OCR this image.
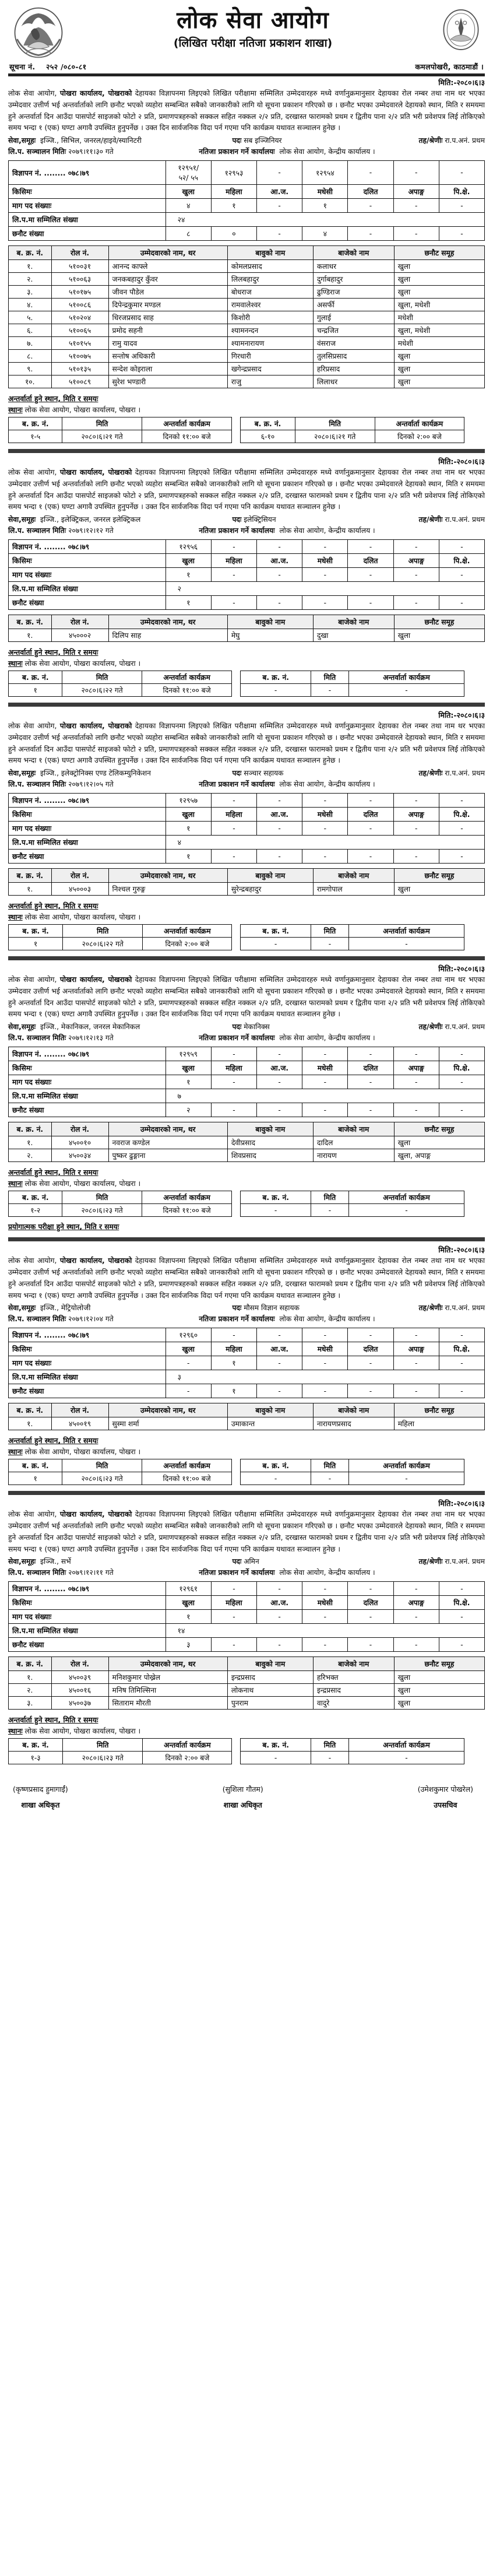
लोक सेवा आयोग
(लिखित परीक्षा नतिजा प्रकाशन शाखा)
सूचना नं. २५२ /०८०-८१	कमलपोखरी, काठमाडौं ।
मिति:-२०८०।६।३
लोक सेवा आयोग, पोखरा कार्यालय, पोखराको देहायका विज्ञापनमा लिइएको लिखित परीक्षामा सम्मिलित उम्मेदवारहरु मध्ये वर्णानुक्रमानुसार देहायका रोल नम्बर तथा नाम थर भएका उम्मेदवार उत्तीर्ण भई अन्तर्वार्ताको लागि छनौट भएको व्यहोरा सम्बन्धित सबैको जानकारीको लागि यो सूचना प्रकाशन गरिएको छ । छनौट भएका उम्मेदवारले देहायको स्थान, मिति र समयमा हुने अन्तर्वार्ता दिन आउँदा पासपोर्ट साइजको फोटो २ प्रति, प्रमाणपत्रहरुको सक्कल सहित नक्कल २/२ प्रति, दरखास्त फारामको प्रथम र द्वितीय पाना २/२ प्रति भरी प्रवेशपत्र लिई तोकिएको समय भन्दा १ (एक) घण्टा अगावै उपस्थित हुनुपर्नेछ । उक्त दिन सार्वजनिक विदा पर्न गएमा पनि कार्यक्रम यथावत सञ्चालन हुनेछ ।
सेवा,समूहः इञ्जि., सिभिल, जनरल/हाइवे/स्यानिटरी	पदः सब इञ्जिनियर	तह/श्रेणीः रा.प.अनं. प्रथम
लि.प. सञ्चालन मितिः २०७९।११।३० गते	नतिजा प्रकाशन गर्ने कार्यालयः लोक सेवा आयोग, केन्द्रीय कार्यालय ।
विज्ञापन नं. ........ ०७८।७९	१२९५१/
५२/ ५५	१२९५३	-	१२९५४	-	-	-
किसिमः	खुला	महिला	आ.ज.	मधेसी	दलित	अपाङ्ग	पि.क्षे.
माग पद संख्याः	४	१	-	१	-	-	-
लि.प.मा सम्मिलित संख्या	२४						
छनौट संख्या	८	०	-	४	-	-	-
ब. क्र. नं.	रोल नं.	उम्मेदवारको नाम, थर	बावुको नाम	बाजेको नाम	छनौट समूह
१.	५१००३१	आनन्द काफ्ले	कोमलप्रसाद	कलाधर	खुला
२.	५१००६३	जनकबहादुर कुँवर	लिलबहादुर	दुर्गाबहादुर	खुला
३.	५१०१७५	जीवन पौडेल	बोधराज	ढुण्डिराज	खुला
४.	५१००८६	दिपेन्द्रकुमार मण्डल	रामवालेश्वर	असर्फी	खुला, मधेशी
५.	५१०२०४	धिरजप्रसाद साह	किशोरी	गुलाई	मधेशी
६.	५१००६५	प्रमोद सहनी	श्यामनन्दन	चन्द्रजित	खुला, मधेशी
७.	५१०१५५	रामु यादव	श्यामनारायण	वंसराज	मधेशी
८.	५१००७५	सन्तोष अधिकारी	गिरधारी	तुलसिप्रसाद	खुला
९.	५१०१३५	सन्देश कोइराला	खगेन्द्रप्रसाद	हरिप्रसाद	खुला
१०.	५१००८९	सुरेश भण्डारी	राजु	लिलाधर	खुला
अन्तर्वार्ता हुने स्थान, मिति र समयः
स्थानः लोक सेवा आयोग, पोखरा कार्यालय, पोखरा ।
ब. क्र. नं.	मिति	अन्तर्वार्ता कार्यक्रम
१-५	२०८०।६।२१ गते	दिनको ११:०० बजे
ब. क्र. नं.	मिति	अन्तर्वार्ता कार्यक्रम
६-१०	२०८०।६।२१ गते	दिनको २:०० बजे
मिति:-२०८०।६।३
लोक सेवा आयोग, पोखरा कार्यालय, पोखराको देहायका विज्ञापनमा लिइएको लिखित परीक्षामा सम्मिलित उम्मेदवारहरु मध्ये वर्णानुक्रमानुसार देहायका रोल नम्बर तथा नाम थर भएका उम्मेदवार उत्तीर्ण भई अन्तर्वार्ताको लागि छनौट भएको व्यहोरा सम्बन्धित सबैको जानकारीको लागि यो सूचना प्रकाशन गरिएको छ । छनौट भएका उम्मेदवारले देहायको स्थान, मिति र समयमा हुने अन्तर्वार्ता दिन आउँदा पासपोर्ट साइजको फोटो २ प्रति, प्रमाणपत्रहरुको सक्कल सहित नक्कल २/२ प्रति, दरखास्त फारामको प्रथम र द्वितीय पाना २/२ प्रति भरी प्रवेशपत्र लिई तोकिएको समय भन्दा १ (एक) घण्टा अगावै उपस्थित हुनुपर्नेछ । उक्त दिन सार्वजनिक विदा पर्न गएमा पनि कार्यक्रम यथावत सञ्चालन हुनेछ ।
सेवा,समूहः इञ्जि., इलेक्ट्रिकल, जनरल इलेक्ट्रिकल	पदः इलेक्ट्रिसियन	तह/श्रेणीः रा.प.अनं. प्रथम
लि.प. सञ्चालन मितिः २०७९।१२।१२ गते	नतिजा प्रकाशन गर्ने कार्यालयः लोक सेवा आयोग, केन्द्रीय कार्यालय ।
विज्ञापन नं. ........ ०७८।७९	१२९५६	-	-	-	-	-	-
किसिमः	खुला	महिला	आ.ज.	मधेसी	दलित	अपाङ्ग	पि.क्षे.
माग पद संख्याः	१	-	-	-	-	-	-
लि.प.मा सम्मिलित संख्या	२						
छनौट संख्या	१	-	-	-	-	-	-
ब. क्र. नं.	रोल नं.	उम्मेदवारको नाम, थर	बावुको नाम	बाजेको नाम	छनौट समूह
१.	४५०००२	दिलिप साह	मेघु	दुखा	खुला
अन्तर्वार्ता हुने स्थान, मिति र समयः
स्थानः लोक सेवा आयोग, पोखरा कार्यालय, पोखरा ।
ब. क्र. नं.	मिति	अन्तर्वार्ता कार्यक्रम
१	२०८०।६।२२ गते	दिनको ११:०० बजे
ब. क्र. नं.	मिति	अन्तर्वार्ता कार्यक्रम
-	-	-
मिति:-२०८०।६।३
लोक सेवा आयोग, पोखरा कार्यालय, पोखराको देहायका विज्ञापनमा लिइएको लिखित परीक्षामा सम्मिलित उम्मेदवारहरु मध्ये वर्णानुक्रमानुसार देहायका रोल नम्बर तथा नाम थर भएका उम्मेदवार उत्तीर्ण भई अन्तर्वार्ताको लागि छनौट भएको व्यहोरा सम्बन्धित सबैको जानकारीको लागि यो सूचना प्रकाशन गरिएको छ । छनौट भएका उम्मेदवारले देहायको स्थान, मिति र समयमा हुने अन्तर्वार्ता दिन आउँदा पासपोर्ट साइजको फोटो २ प्रति, प्रमाणपत्रहरुको सक्कल सहित नक्कल २/२ प्रति, दरखास्त फारामको प्रथम र द्वितीय पाना २/२ प्रति भरी प्रवेशपत्र लिई तोकिएको समय भन्दा १ (एक) घण्टा अगावै उपस्थित हुनुपर्नेछ । उक्त दिन सार्वजनिक विदा पर्न गएमा पनि कार्यक्रम यथावत सञ्चालन हुनेछ ।
सेवा,समूहः इञ्जि., इलेक्ट्रोनिक्स एण्ड टेलिकम्युनिकेशन	पदः सञ्चार सहायक	तह/श्रेणीः रा.प.अनं. प्रथम
लि.प. सञ्चालन मितिः २०७९।१२।०५ गते	नतिजा प्रकाशन गर्ने कार्यालयः लोक सेवा आयोग, केन्द्रीय कार्यालय ।
विज्ञापन नं. ........ ०७८।७९	१२९५७	-	-	-	-	-	-
किसिमः	खुला	महिला	आ.ज.	मधेसी	दलित	अपाङ्ग	पि.क्षे.
माग पद संख्याः	१	-	-	-	-	-	-
लि.प.मा सम्मिलित संख्या	४						
छनौट संख्या	१	-	-	-	-	-	-
ब. क्र. नं.	रोल नं.	उम्मेदवारको नाम, थर	बावुको नाम	बाजेको नाम	छनौट समूह
१.	४५०००३	निश्चल गुरुङ्ग	सुरेन्द्रबहादुर	रामगोपाल	खुला
अन्तर्वार्ता हुने स्थान, मिति र समयः
स्थानः लोक सेवा आयोग, पोखरा कार्यालय, पोखरा ।
ब. क्र. नं.	मिति	अन्तर्वार्ता कार्यक्रम
१	२०८०।६।२२ गते	दिनको २:०० बजे
ब. क्र. नं.	मिति	अन्तर्वार्ता कार्यक्रम
-	-	-
मिति:-२०८०।६।३
लोक सेवा आयोग, पोखरा कार्यालय, पोखराको देहायका विज्ञापनमा लिइएको लिखित परीक्षामा सम्मिलित उम्मेदवारहरु मध्ये वर्णानुक्रमानुसार देहायका रोल नम्बर तथा नाम थर भएका उम्मेदवार उत्तीर्ण भई अन्तर्वार्ताको लागि छनौट भएको व्यहोरा सम्बन्धित सबैको जानकारीको लागि यो सूचना प्रकाशन गरिएको छ । छनौट भएका उम्मेदवारले देहायको स्थान, मिति र समयमा हुने अन्तर्वार्ता दिन आउँदा पासपोर्ट साइजको फोटो २ प्रति, प्रमाणपत्रहरुको सक्कल सहित नक्कल २/२ प्रति, दरखास्त फारामको प्रथम र द्वितीय पाना २/२ प्रति भरी प्रवेशपत्र लिई तोकिएको समय भन्दा १ (एक) घण्टा अगावै उपस्थित हुनुपर्नेछ । उक्त दिन सार्वजनिक विदा पर्न गएमा पनि कार्यक्रम यथावत सञ्चालन हुनेछ ।
सेवा,समूहः इञ्जि., मेकानिकल, जनरल मेकानिकल	पदः मेकानिक्स	तह/श्रेणीः रा.प.अनं. प्रथम
लि.प. सञ्चालन मितिः २०७९।१२।१३ गते	नतिजा प्रकाशन गर्ने कार्यालयः लोक सेवा आयोग, केन्द्रीय कार्यालय ।
विज्ञापन नं. ........ ०७८।७९	१२९५९	-	-	-	-	-	-
किसिमः	खुला	महिला	आ.ज.	मधेसी	दलित	अपाङ्ग	पि.क्षे.
माग पद संख्याः	१	-	-	-	-	-	-
लि.प.मा सम्मिलित संख्या	७						
छनौट संख्या	२	-	-	-	-	-	-
ब. क्र. नं.	रोल नं.	उम्मेदवारको नाम, थर	बावुको नाम	बाजेको नाम	छनौट समूह
१.	४५००१०	नवराज कण्डेल	देवीप्रसाद	दादिल	खुला
२.	४५००३४	पुष्कर ढुङ्गाना	शिवप्रसाद	नारायण	खुला, अपाङ्ग
अन्तर्वार्ता हुने स्थान, मिति र समयः
स्थानः लोक सेवा आयोग, पोखरा कार्यालय, पोखरा ।
ब. क्र. नं.	मिति	अन्तर्वार्ता कार्यक्रम
१-२	२०८०।६।२३ गते	दिनको ११:०० बजे
ब. क्र. नं.	मिति	अन्तर्वार्ता कार्यक्रम
-	-	-
प्रयोगात्मक परीक्षा हुने स्थान, मिति र समयः
मिति:-२०८०।६।३
लोक सेवा आयोग, पोखरा कार्यालय, पोखराको देहायका विज्ञापनमा लिइएको लिखित परीक्षामा सम्मिलित उम्मेदवारहरु मध्ये वर्णानुक्रमानुसार देहायका रोल नम्बर तथा नाम थर भएका उम्मेदवार उत्तीर्ण भई अन्तर्वार्ताको लागि छनौट भएको व्यहोरा सम्बन्धित सबैको जानकारीको लागि यो सूचना प्रकाशन गरिएको छ । छनौट भएका उम्मेदवारले देहायको स्थान, मिति र समयमा हुने अन्तर्वार्ता दिन आउँदा पासपोर्ट साइजको फोटो २ प्रति, प्रमाणपत्रहरुको सक्कल सहित नक्कल २/२ प्रति, दरखास्त फारामको प्रथम र द्वितीय पाना २/२ प्रति भरी प्रवेशपत्र लिई तोकिएको समय भन्दा १ (एक) घण्टा अगावै उपस्थित हुनुपर्नेछ । उक्त दिन सार्वजनिक विदा पर्न गएमा पनि कार्यक्रम यथावत सञ्चालन हुनेछ ।
सेवा,समूहः इञ्जि., मेट्रियोलोजी	पदः मौसम विज्ञान सहायक	तह/श्रेणीः रा.प.अनं. प्रथम
लि.प. सञ्चालन मितिः २०७९।१२।०४ गते	नतिजा प्रकाशन गर्ने कार्यालयः लोक सेवा आयोग, केन्द्रीय कार्यालय ।
विज्ञापन नं. ........ ०७८।७९	१२९६०	-	-	-	-	-	-
किसिमः	खुला	महिला	आ.ज.	मधेसी	दलित	अपाङ्ग	पि.क्षे.
माग पद संख्याः	-	१	-	-	-	-	-
लि.प.मा सम्मिलित संख्या	३						
छनौट संख्या	-	१	-	-	-	-	-
ब. क्र. नं.	रोल नं.	उम्मेदवारको नाम, थर	बावुको नाम	बाजेको नाम	छनौट समूह
१.	४५००१९	सुस्मा शर्मा	उमाकान्त	नारायणप्रसाद	महिला
अन्तर्वार्ता हुने स्थान, मिति र समयः
स्थानः लोक सेवा आयोग, पोखरा कार्यालय, पोखरा ।
ब. क्र. नं.	मिति	अन्तर्वार्ता कार्यक्रम
१	२०८०।६।२३ गते	दिनको ११:०० बजे
ब. क्र. नं.	मिति	अन्तर्वार्ता कार्यक्रम
-	-	-
मिति:-२०८०।६।३
लोक सेवा आयोग, पोखरा कार्यालय, पोखराको देहायका विज्ञापनमा लिइएको लिखित परीक्षामा सम्मिलित उम्मेदवारहरु मध्ये वर्णानुक्रमानुसार देहायका रोल नम्बर तथा नाम थर भएका उम्मेदवार उत्तीर्ण भई अन्तर्वार्ताको लागि छनौट भएको व्यहोरा सम्बन्धित सबैको जानकारीको लागि यो सूचना प्रकाशन गरिएको छ । छनौट भएका उम्मेदवारले देहायको स्थान, मिति र समयमा हुने अन्तर्वार्ता दिन आउँदा पासपोर्ट साइजको फोटो २ प्रति, प्रमाणपत्रहरुको सक्कल सहित नक्कल २/२ प्रति, दरखास्त फारामको प्रथम र द्वितीय पाना २/२ प्रति भरी प्रवेशपत्र लिई तोकिएको समय भन्दा १ (एक) घण्टा अगावै उपस्थित हुनुपर्नेछ । उक्त दिन सार्वजनिक विदा पर्न गएमा पनि कार्यक्रम यथावत सञ्चालन हुनेछ ।
सेवा,समूहः इञ्जि., सर्भे	पदः अमिन	तह/श्रेणीः रा.प.अनं. प्रथम
लि.प. सञ्चालन मितिः २०७९।१२।११ गते	नतिजा प्रकाशन गर्ने कार्यालयः लोक सेवा आयोग, केन्द्रीय कार्यालय ।
विज्ञापन नं. ........ ०७८।७९	१२९६१	-	-	-	-	-	-
किसिमः	खुला	महिला	आ.ज.	मधेसी	दलित	अपाङ्ग	पि.क्षे.
माग पद संख्याः	१	-	-	-	-	-	-
लि.प.मा सम्मिलित संख्या	१४						
छनौट संख्या	३	-	-	-	-	-	-
ब. क्र. नं.	रोल नं.	उम्मेदवारको नाम, थर	बावुको नाम	बाजेको नाम	छनौट समूह
१.	४५००३९	मनिशकुमार पोख्रेल	इन्द्रप्रसाद	हरिभक्त	खुला
२.	४५००१६	मनिष तिमिल्सिना	लोकनाथ	इन्द्रप्रसाद	खुला
३.	४५००३७	सिताराम मौरती	पुनराम	वादुरे	खुला
अन्तर्वार्ता हुने स्थान, मिति र समयः
स्थानः लोक सेवा आयोग, पोखरा कार्यालय, पोखरा ।
ब. क्र. नं.	मिति	अन्तर्वार्ता कार्यक्रम
१-३	२०८०।६।२३ गते	दिनको २:०० बजे
ब. क्र. नं.	मिति	अन्तर्वार्ता कार्यक्रम
-	-	-
(कृष्णप्रसाद हुमागाईं)
शाखा अधिकृत
(सुशिला गौतम)
शाखा अधिकृत
(उमेशकुमार पोखरेल)
उपसचिव
